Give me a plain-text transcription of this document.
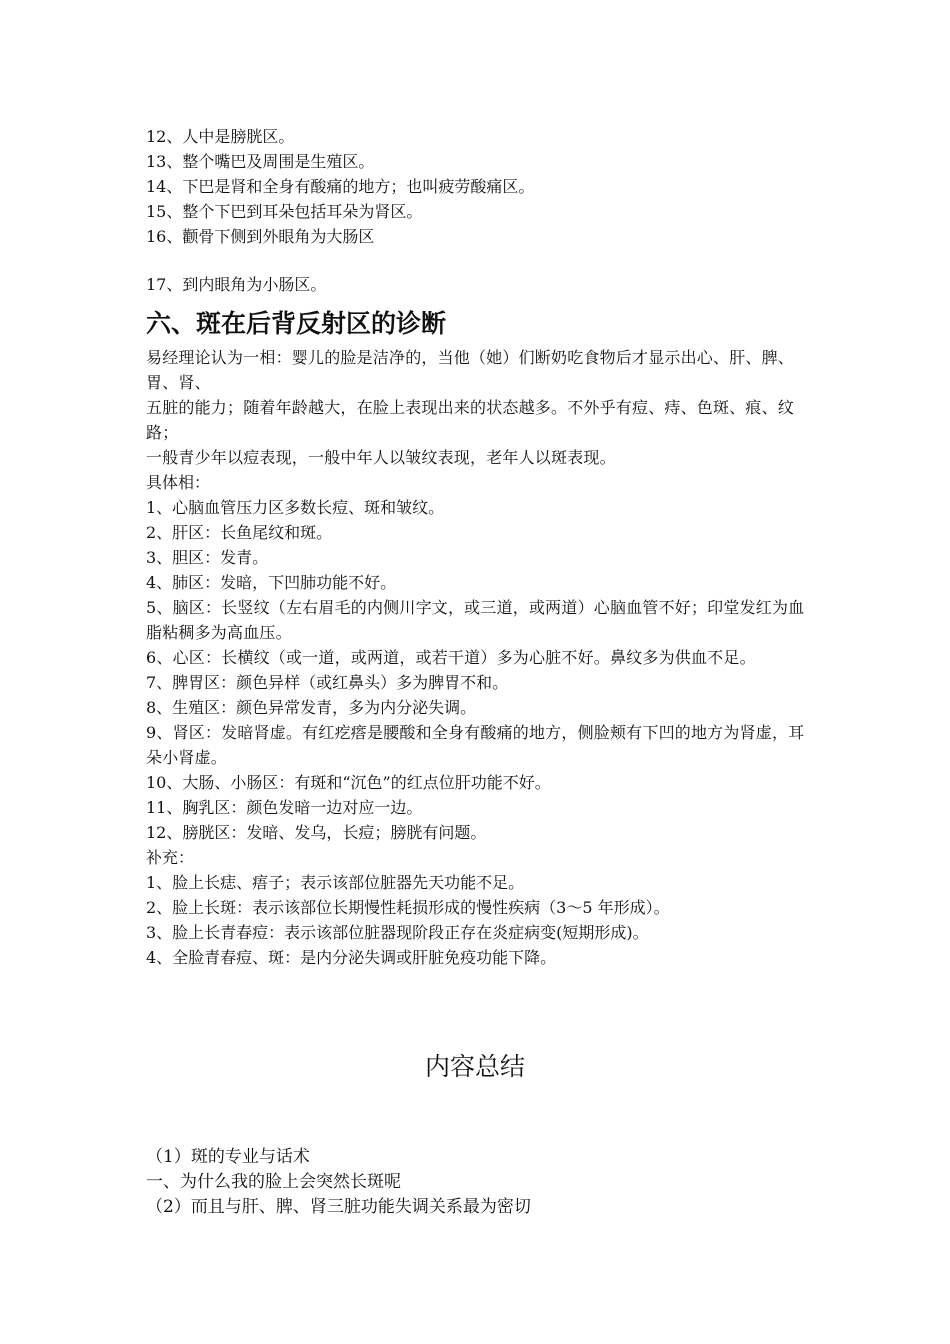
12、人中是膀胱区。

13、整个嘴巴及周围是生殖区。

14、下巴是肾和全身有酸痛的地方；也叫疲劳酸痛区。

15、整个下巴到耳朵包括耳朵为肾区。

16、颧骨下侧到外眼角为大肠区

17、到内眼角为小肠区。

六、斑在后背反射区的诊断

易经理论认为一相：婴儿的脸是洁净的，当他（她）们断奶吃食物后才显示出心、肝、脾、胃、肾、

五脏的能力；随着年龄越大，在脸上表现出来的状态越多。不外乎有痘、痔、色斑、痕、纹路；

一般青少年以痘表现，一般中年人以皱纹表现，老年人以斑表现。

具体相：

1、心脑血管压力区多数长痘、斑和皱纹。

2、肝区：长鱼尾纹和斑。

3、胆区：发青。

4、肺区：发暗，下凹肺功能不好。

5、脑区：长竖纹（左右眉毛的内侧川字文，或三道，或两道）心脑血管不好；印堂发红为血脂粘稠多为高血压。

6、心区：长横纹（或一道，或两道，或若干道）多为心脏不好。鼻纹多为供血不足。

7、脾胃区：颜色异样（或红鼻头）多为脾胃不和。

8、生殖区：颜色异常发青，多为内分泌失调。

9、肾区：发暗肾虚。有红疙瘩是腰酸和全身有酸痛的地方，侧脸颊有下凹的地方为肾虚，耳朵小肾虚。

10、大肠、小肠区：有斑和“沉色”的红点位肝功能不好。

11、胸乳区：颜色发暗一边对应一边。

12、膀胱区：发暗、发乌，长痘；膀胱有问题。

补充：

1、脸上长痣、痦子；表示该部位脏器先天功能不足。

2、脸上长斑：表示该部位长期慢性耗损形成的慢性疾病（3～5 年形成）。

3、脸上长青春痘：表示该部位脏器现阶段正存在炎症病变(短期形成)。

4、全脸青春痘、斑：是内分泌失调或肝脏免疫功能下降。

内容总结

（1）斑的专业与话术

一、为什么我的脸上会突然长斑呢

（2）而且与肝、脾、肾三脏功能失调关系最为密切
